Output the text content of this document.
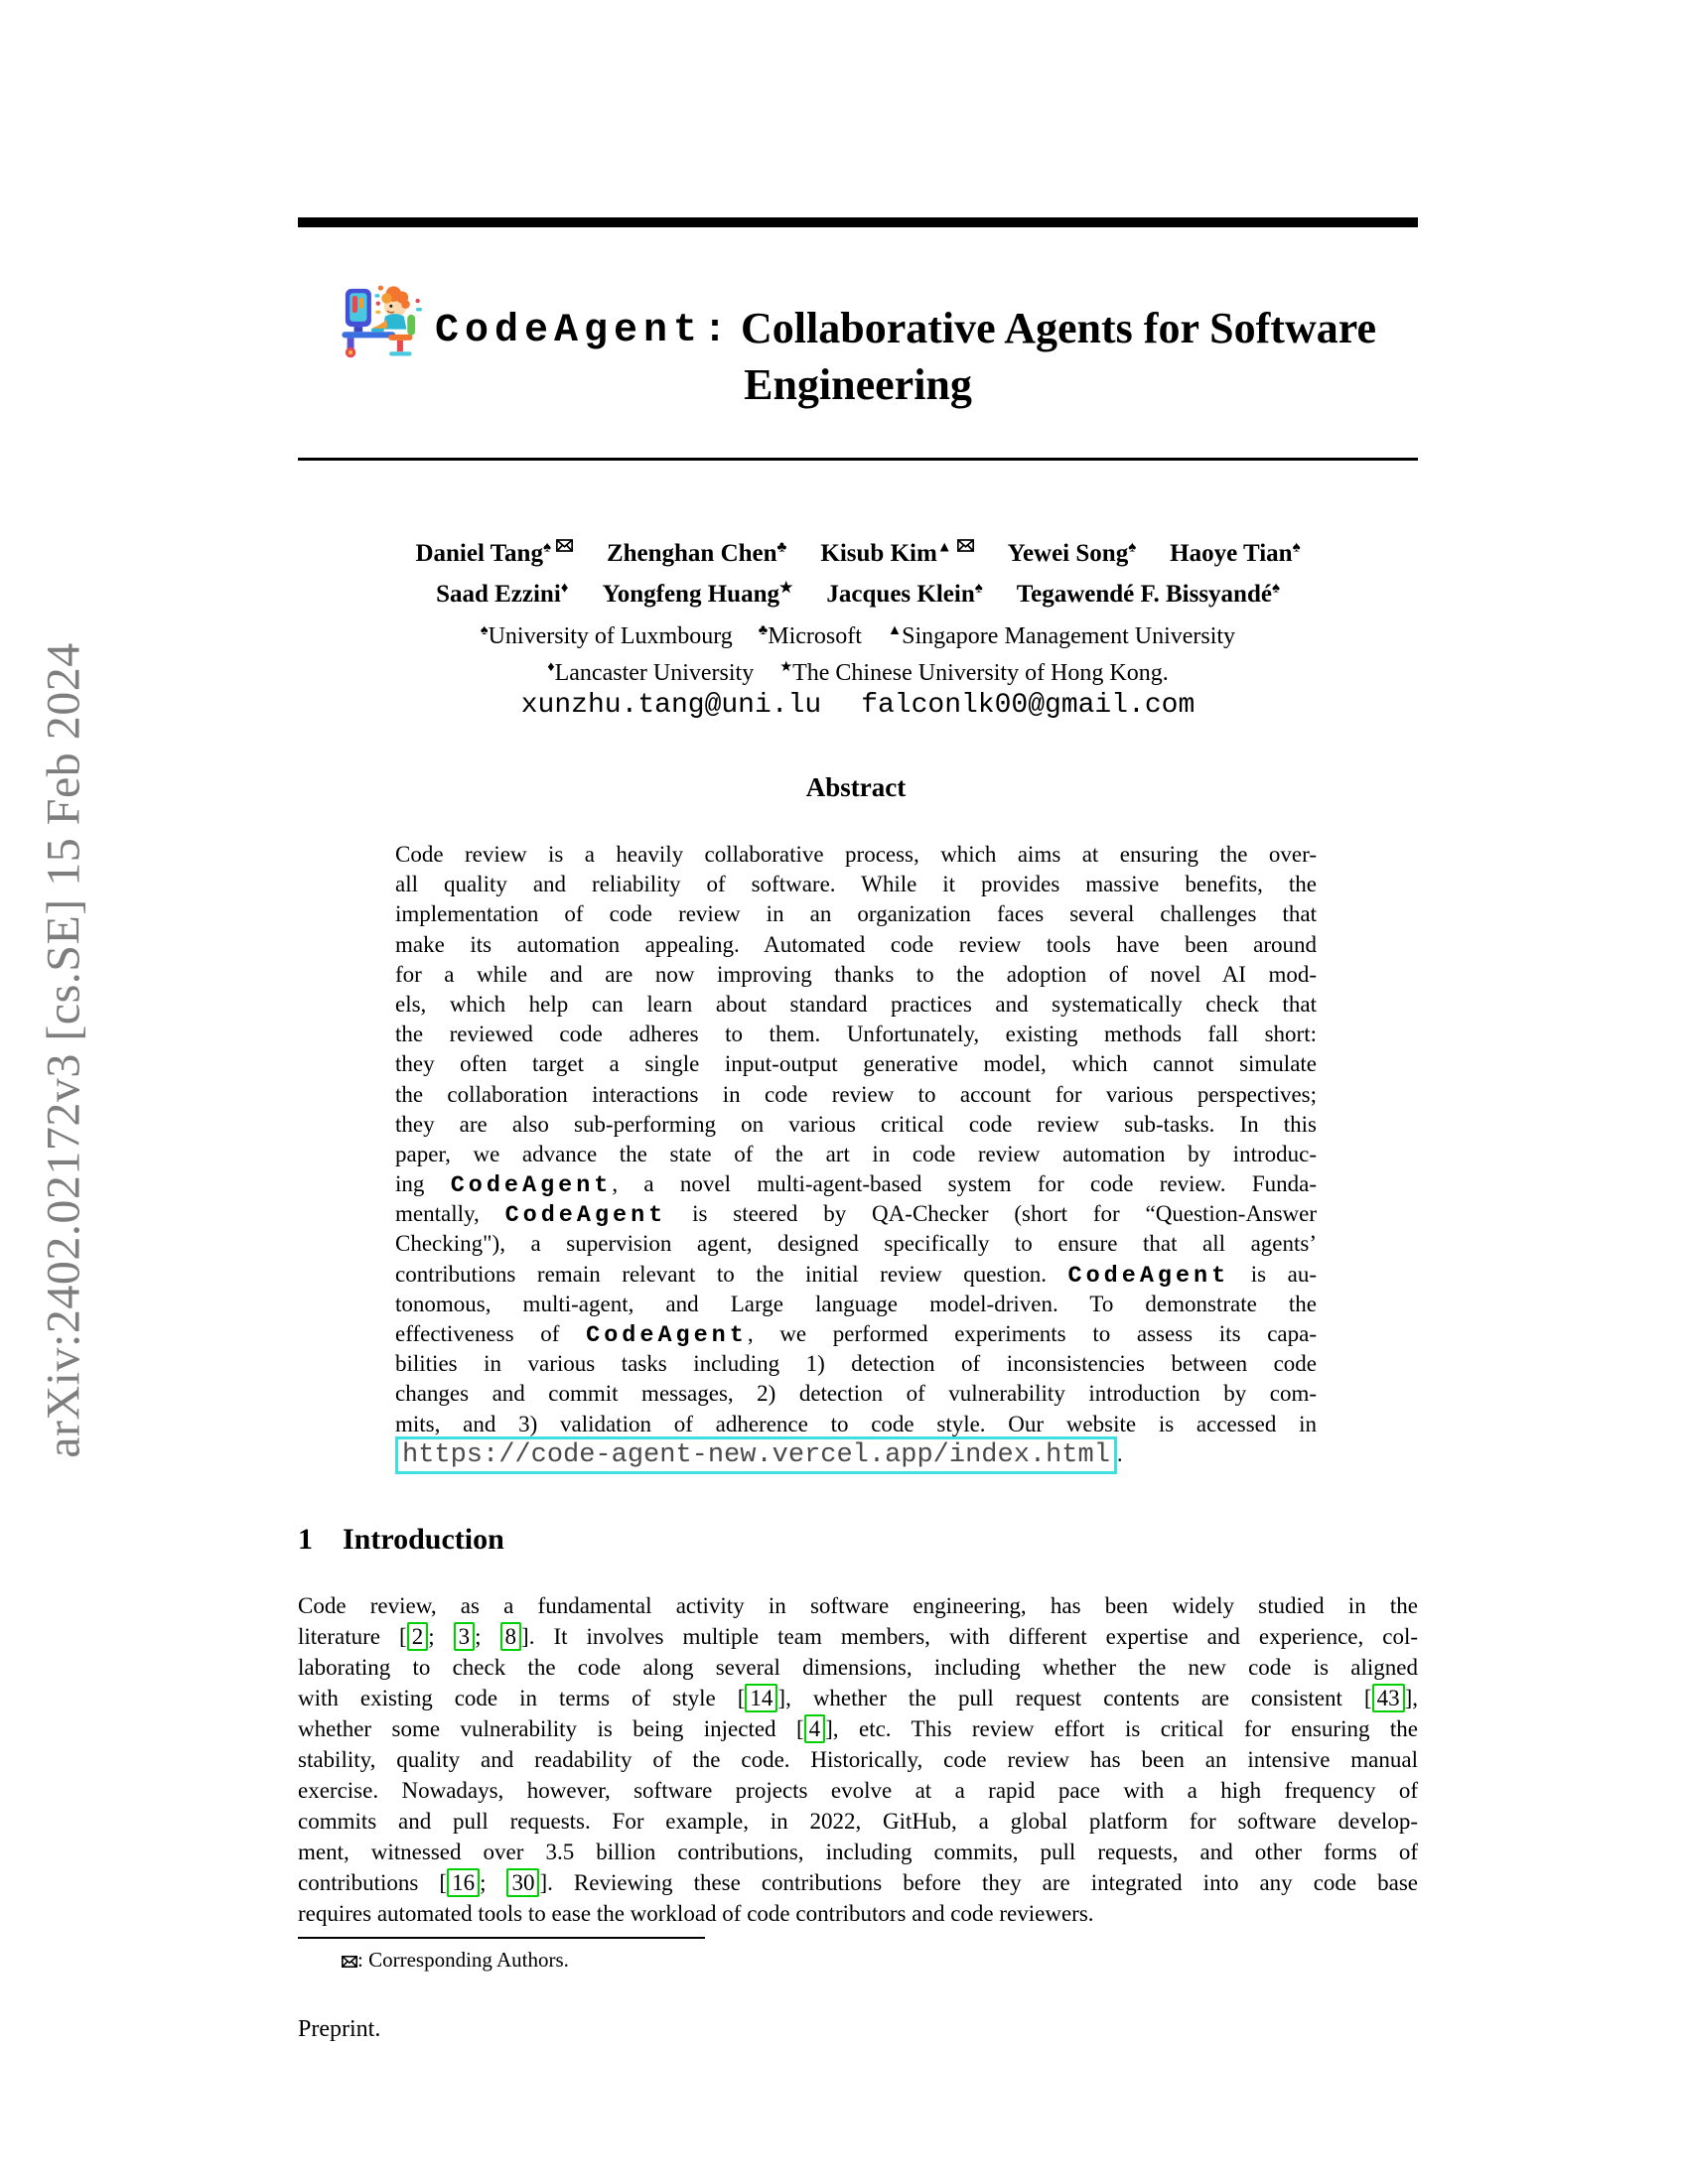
arXiv:2402.02172v3 [cs.SE] 15 Feb 2024
CodeAgent: Collaborative Agents for Software
Engineering
Daniel Tang♠ Zhenghan Chen♣ Kisub Kim▲ Yewei Song♠ Haoye Tian♠
Saad Ezzini♦ Yongfeng Huang★ Jacques Klein♠ Tegawendé F. Bissyandé♠
♠University of Luxmbourg ♣Microsoft ▲Singapore Management University
♦Lancaster University ★The Chinese University of Hong Kong.
xunzhu.tang@uni.lu falconlk00@gmail.com
Abstract
Code review is a heavily collaborative process, which aims at ensuring the over-
all quality and reliability of software. While it provides massive benefits, the
implementation of code review in an organization faces several challenges that
make its automation appealing. Automated code review tools have been around
for a while and are now improving thanks to the adoption of novel AI mod-
els, which help can learn about standard practices and systematically check that
the reviewed code adheres to them. Unfortunately, existing methods fall short:
they often target a single input-output generative model, which cannot simulate
the collaboration interactions in code review to account for various perspectives;
they are also sub-performing on various critical code review sub-tasks. In this
paper, we advance the state of the art in code review automation by introduc-
ing CodeAgent, a novel multi-agent-based system for code review. Funda-
mentally, CodeAgent is steered by QA-Checker (short for “Question-Answer
Checking"), a supervision agent, designed specifically to ensure that all agents’
contributions remain relevant to the initial review question. CodeAgent is au-
tonomous, multi-agent, and Large language model-driven. To demonstrate the
effectiveness of CodeAgent, we performed experiments to assess its capa-
bilities in various tasks including 1) detection of inconsistencies between code
changes and commit messages, 2) detection of vulnerability introduction by com-
mits, and 3) validation of adherence to code style. Our website is accessed in
https://code-agent-new.vercel.app/index.html .
1 Introduction
Code review, as a fundamental activity in software engineering, has been widely studied in the
literature [ 2 ; 3 ; 8 ]. It involves multiple team members, with different expertise and experience, col-
laborating to check the code along several dimensions, including whether the new code is aligned
with existing code in terms of style [ 14 ], whether the pull request contents are consistent [ 43 ],
whether some vulnerability is being injected [ 4 ], etc. This review effort is critical for ensuring the
stability, quality and readability of the code. Historically, code review has been an intensive manual
exercise. Nowadays, however, software projects evolve at a rapid pace with a high frequency of
commits and pull requests. For example, in 2022, GitHub, a global platform for software develop-
ment, witnessed over 3.5 billion contributions, including commits, pull requests, and other forms of
contributions [ 16 ; 30 ]. Reviewing these contributions before they are integrated into any code base
requires automated tools to ease the workload of code contributors and code reviewers.
: Corresponding Authors.
Preprint.
